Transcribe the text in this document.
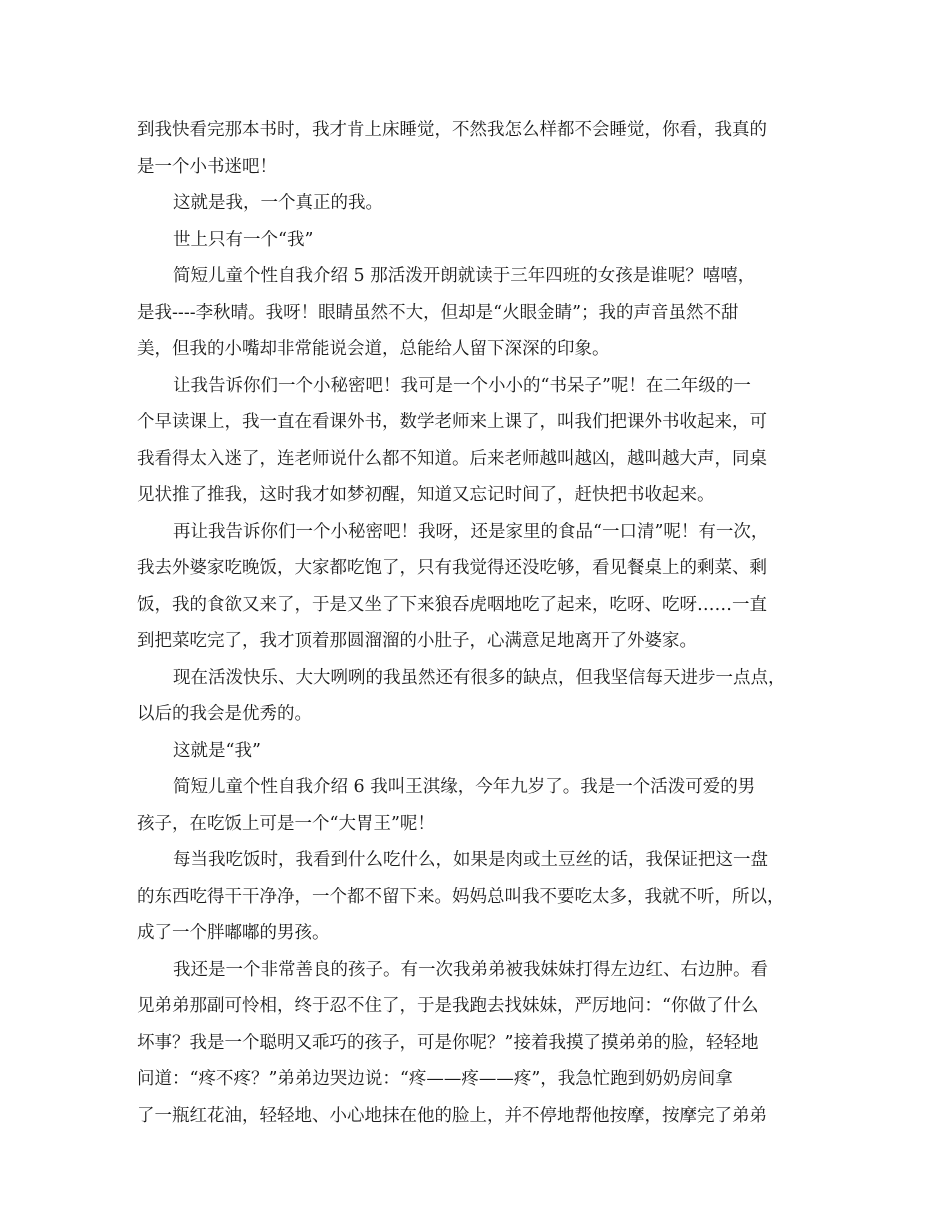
到我快看完那本书时，我才肯上床睡觉，不然我怎么样都不会睡觉，你看，我真的
是一个小书迷吧！
这就是我，一个真正的我。
世上只有一个“我”
简短儿童个性自我介绍 5 那活泼开朗就读于三年四班的女孩是谁呢？嘻嘻，
是我----李秋晴。我呀！眼睛虽然不大，但却是“火眼金睛”；我的声音虽然不甜
美，但我的小嘴却非常能说会道，总能给人留下深深的印象。
让我告诉你们一个小秘密吧！我可是一个小小的“书呆子”呢！在二年级的一
个早读课上，我一直在看课外书，数学老师来上课了，叫我们把课外书收起来，可
我看得太入迷了，连老师说什么都不知道。后来老师越叫越凶，越叫越大声，同桌
见状推了推我，这时我才如梦初醒，知道又忘记时间了，赶快把书收起来。
再让我告诉你们一个小秘密吧！我呀，还是家里的食品“一口清”呢！有一次，
我去外婆家吃晚饭，大家都吃饱了，只有我觉得还没吃够，看见餐桌上的剩菜、剩
饭，我的食欲又来了，于是又坐了下来狼吞虎咽地吃了起来，吃呀、吃呀……一直
到把菜吃完了，我才顶着那圆溜溜的小肚子，心满意足地离开了外婆家。
现在活泼快乐、大大咧咧的我虽然还有很多的缺点，但我坚信每天进步一点点，
以后的我会是优秀的。
这就是“我”
简短儿童个性自我介绍 6 我叫王淇缘，今年九岁了。我是一个活泼可爱的男
孩子，在吃饭上可是一个“大胃王”呢！
每当我吃饭时，我看到什么吃什么，如果是肉或土豆丝的话，我保证把这一盘
的东西吃得干干净净，一个都不留下来。妈妈总叫我不要吃太多，我就不听，所以，
成了一个胖嘟嘟的男孩。
我还是一个非常善良的孩子。有一次我弟弟被我妹妹打得左边红、右边肿。看
见弟弟那副可怜相，终于忍不住了，于是我跑去找妹妹，严厉地问：“你做了什么
坏事？我是一个聪明又乖巧的孩子，可是你呢？”接着我摸了摸弟弟的脸，轻轻地
问道：“疼不疼？”弟弟边哭边说：“疼——疼——疼”，我急忙跑到奶奶房间拿
了一瓶红花油，轻轻地、小心地抹在他的脸上，并不停地帮他按摩，按摩完了弟弟
